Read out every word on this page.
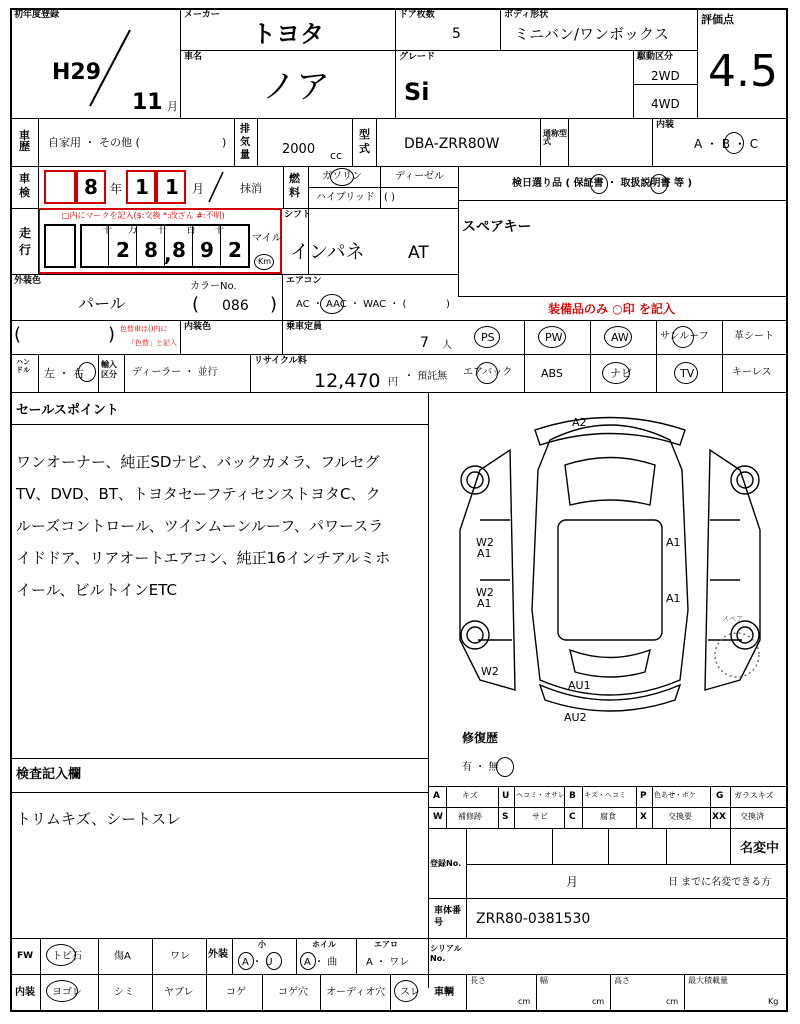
初年度登録
H29
11 月
メーカー
トヨタ
ドア枚数
5
ボディ形状
ミニバン/ワンボックス
評価点
4.5
車名
ノア
グレード
Si
駆動区分
2WD
4WD
車歴 自家用 ・ その他 (	)
排気量 2000 cc
型式 DBA-ZRR80W
通称型式
内装
A ・ B ・ C
車検	8 年 1 1 月	抹消
燃料
ガソリン	ディーゼル
ハイブリッド ( )
検日選り品 ( 保証書 ・ 取扱説明書 等 )
走行
□内にマークを記入($:交換 *:改ざん #:不明)
十 万 千 百 十
2 8 , 8 9 2 マイル
Km
シフト
インパネ	AT
スペアキー
外装色
パール
カラーNo.
( 086 )
エアコン
AC ・ AAC ・ WAC ・ (	)	装備品のみ ○印 を記入
(	) 色替車は()内に
「色替」と記入
内装色	乗車定員
7 人
PS	PW	AW	サンルーフ	革シート
エアバック	ABS	ナビ	TV	キーレス
ハンドル 左 ・ 右
輸入区分	ディーラー ・ 並行
リサイクル料
12,470 円
・ 預託無
セールスポイント
ワンオーナー、純正SDナビ、バックカメラ、フルセグ
TV、DVD、BT、トヨタセーフティセンストヨタC、ク
ルーズコントロール、ツインムーンルーフ、パワースラ
イドドア、リアオートエアコン、純正16インチアルミホ
イール、ビルトインETC
A2
W2
A1
W2
A1
A1
A1
W2
AU1
AU2
スペア
修復歴
有 ・ 無
A	キズ	U ヘコミ・オサレ B キズ・ヘコミ P 色あせ・ボケ G ガラスキズ
W 補修跡 S	サビ C	腐食	X	交換要 XX 交換済
登録No.
名変中
月	日 までに名変できる方
車体番号	ZRR80-0381530
検査記入欄
トリムキズ、シートスレ
FW トビ石	傷A	ワレ 外装
小	ホイル	エアロ
A ・ U	A ・ 曲	A ・ ワレ
シリアルNo.
内装 ヨゴレ	シミ	ヤブレ	コゲ	コゲ穴 オーディオ穴 スレ 車輌
長さ	幅	高さ	最大積載量
cm	cm	cm	Kg
